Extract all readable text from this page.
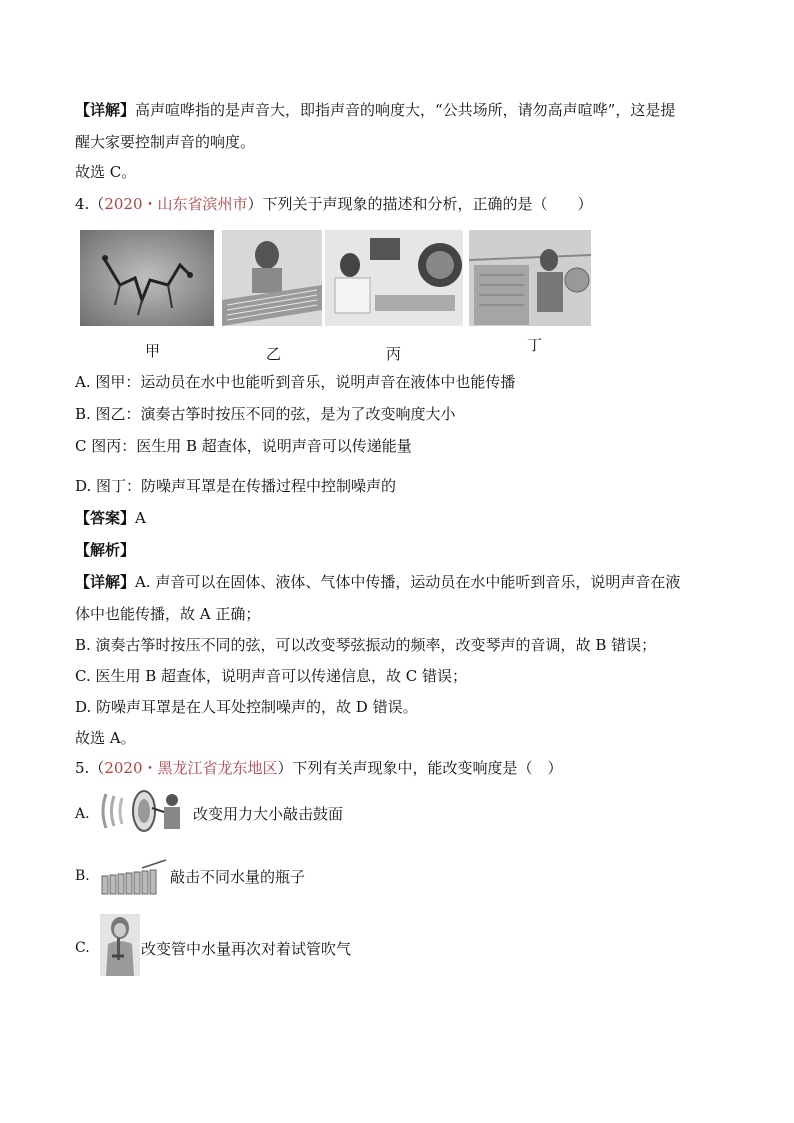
【详解】高声喧哗指的是声音大，即指声音的响度大，“公共场所，请勿高声喧哗”，这是提
醒大家要控制声音的响度。
故选 C。
4.（2020・山东省滨州市）下列关于声现象的描述和分析，正确的是（　　）
甲	乙	丙	丁
A. 图甲：运动员在水中也能听到音乐，说明声音在液体中也能传播
B. 图乙：演奏古筝时按压不同的弦，是为了改变响度大小
C 图丙：医生用 B 超查体，说明声音可以传递能量
D. 图丁：防噪声耳罩是在传播过程中控制噪声的
【答案】A
【解析】
【详解】A. 声音可以在固体、液体、气体中传播，运动员在水中能听到音乐，说明声音在液
体中也能传播，故 A 正确；
B. 演奏古筝时按压不同的弦，可以改变琴弦振动的频率，改变琴声的音调，故 B 错误；
C. 医生用 B 超查体，说明声音可以传递信息，故 C 错误；
D. 防噪声耳罩是在人耳处控制噪声的，故 D 错误。
故选 A。
5.（2020・黑龙江省龙东地区）下列有关声现象中，能改变响度是（　）
A.	改变用力大小敲击鼓面
B.	敲击不同水量的瓶子
C.	改变管中水量再次对着试管吹气
